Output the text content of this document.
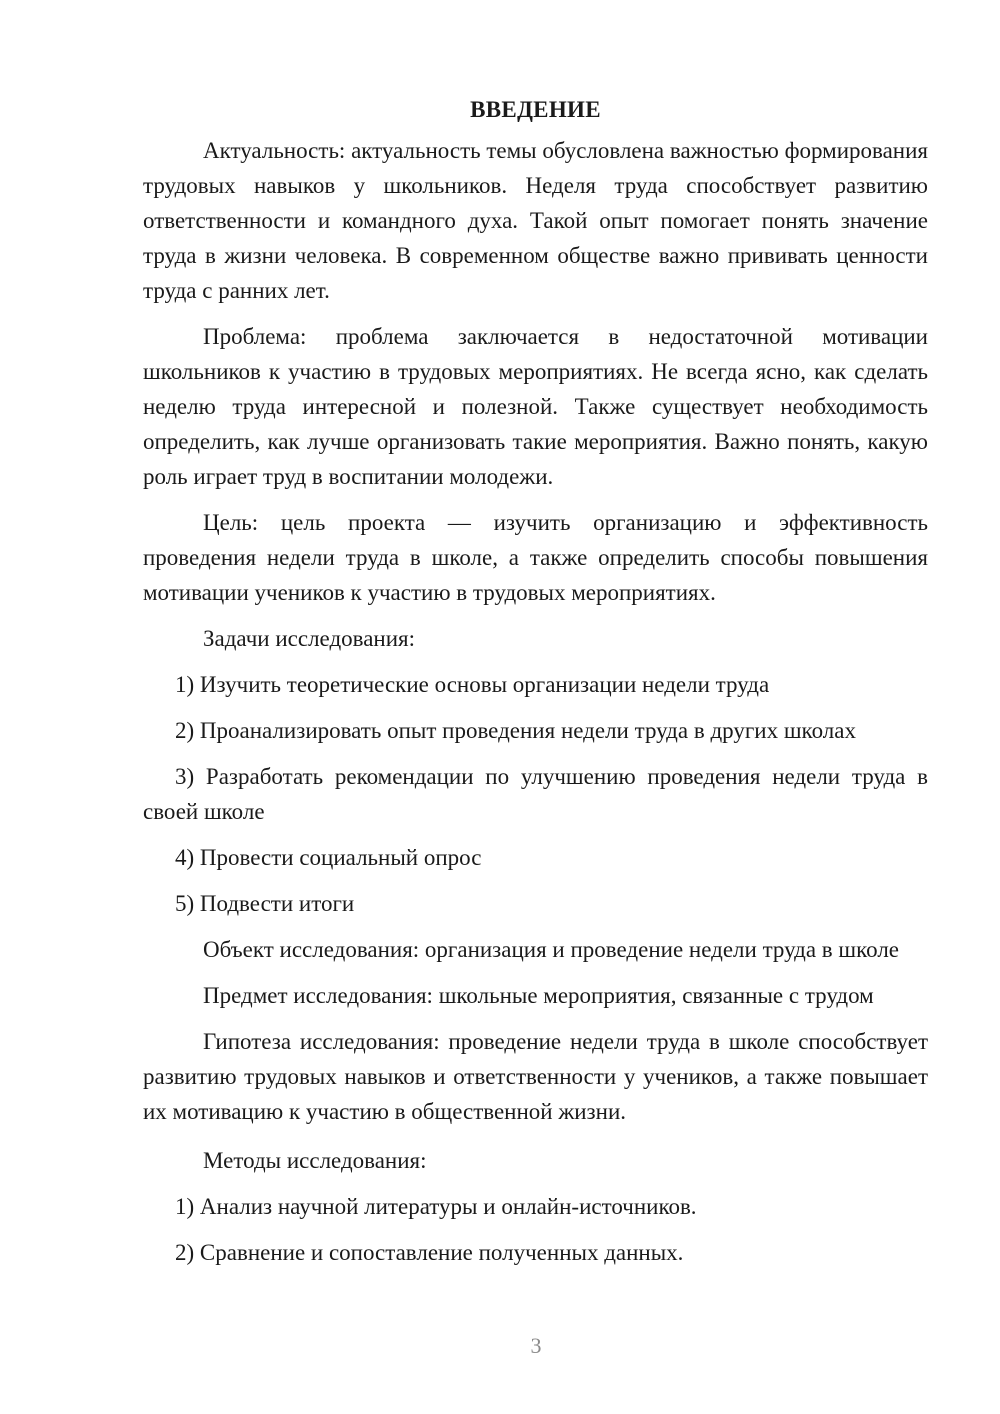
ВВЕДЕНИЕ

Актуальность: актуальность темы обусловлена важностью формирования трудовых навыков у школьников. Неделя труда способствует развитию ответственности и командного духа. Такой опыт помогает понять значение труда в жизни человека. В современном обществе важно прививать ценности труда с ранних лет.

Проблема: проблема заключается в недостаточной мотивации школьников к участию в трудовых мероприятиях. Не всегда ясно, как сделать неделю труда интересной и полезной. Также существует необходимость определить, как лучше организовать такие мероприятия. Важно понять, какую роль играет труд в воспитании молодежи.

Цель: цель проекта — изучить организацию и эффективность проведения недели труда в школе, а также определить способы повышения мотивации учеников к участию в трудовых мероприятиях.

Задачи исследования:

1) Изучить теоретические основы организации недели труда

2) Проанализировать опыт проведения недели труда в других школах

3) Разработать рекомендации по улучшению проведения недели труда в своей школе

4) Провести социальный опрос

5) Подвести итоги

Объект исследования: организация и проведение недели труда в школе

Предмет исследования: школьные мероприятия, связанные с трудом

Гипотеза исследования: проведение недели труда в школе способствует развитию трудовых навыков и ответственности у учеников, а также повышает их мотивацию к участию в общественной жизни.

Методы исследования:

1) Анализ научной литературы и онлайн-источников.

2) Сравнение и сопоставление полученных данных.

3
